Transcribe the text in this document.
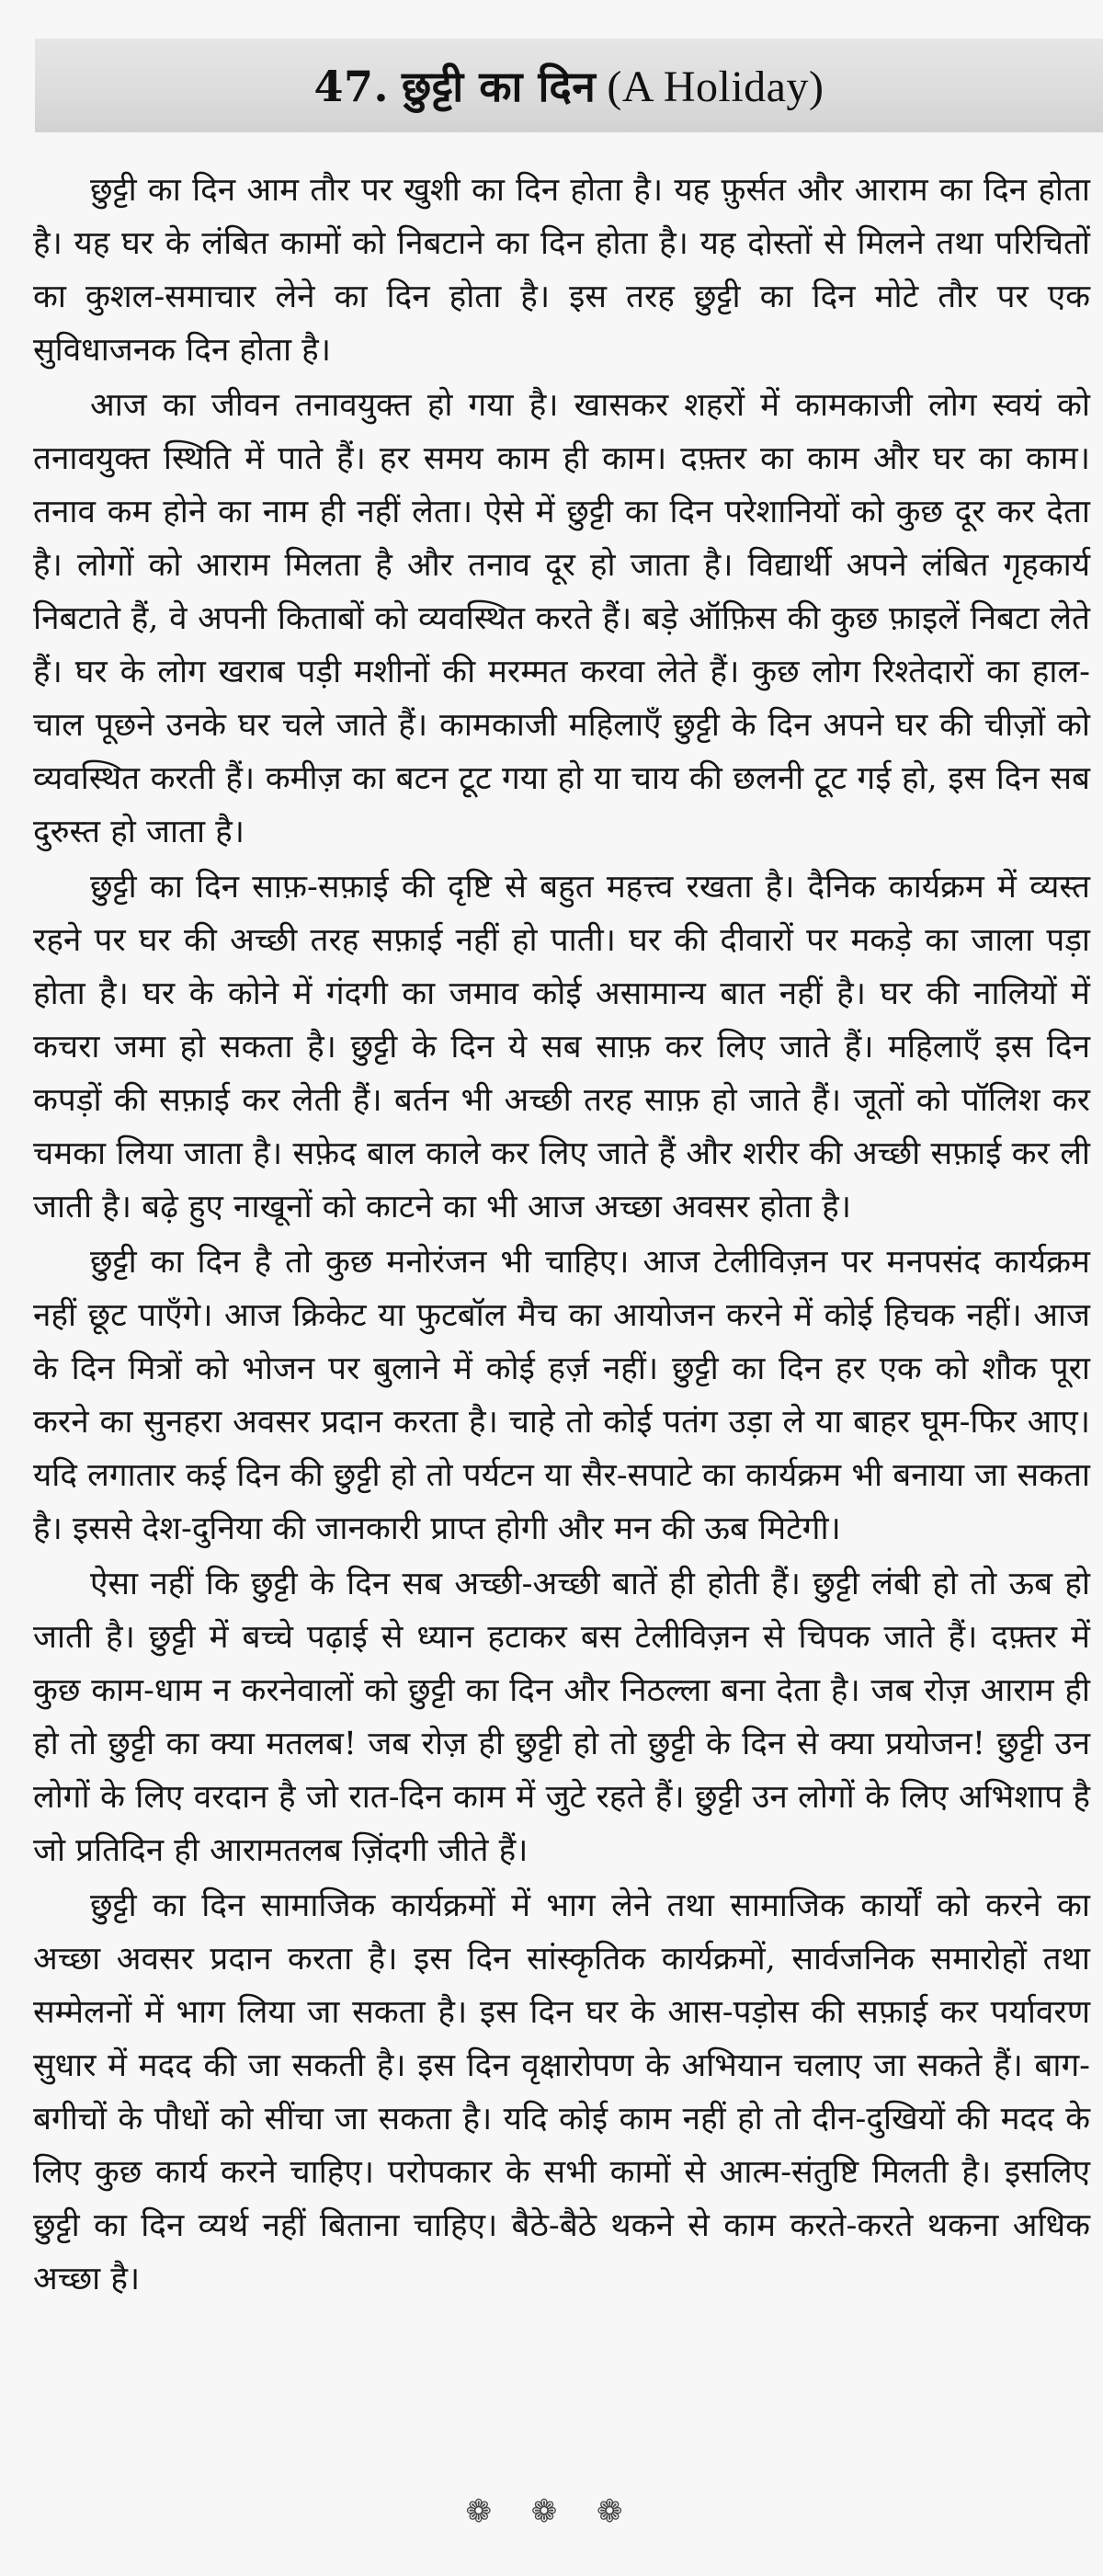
47. छुट्टी का दिन (A Holiday)

छुट्टी का दिन आम तौर पर खुशी का दिन होता है। यह फ़ुर्सत और आराम का दिन होता है। यह घर के लंबित कामों को निबटाने का दिन होता है। यह दोस्तों से मिलने तथा परिचितों का कुशल-समाचार लेने का दिन होता है। इस तरह छुट्टी का दिन मोटे तौर पर एक सुविधाजनक दिन होता है।

आज का जीवन तनावयुक्त हो गया है। खासकर शहरों में कामकाजी लोग स्वयं को तनावयुक्त स्थिति में पाते हैं। हर समय काम ही काम। दफ़्तर का काम और घर का काम। तनाव कम होने का नाम ही नहीं लेता। ऐसे में छुट्टी का दिन परेशानियों को कुछ दूर कर देता है। लोगों को आराम मिलता है और तनाव दूर हो जाता है। विद्यार्थी अपने लंबित गृहकार्य निबटाते हैं, वे अपनी किताबों को व्यवस्थित करते हैं। बड़े ऑफ़िस की कुछ फ़ाइलें निबटा लेते हैं। घर के लोग खराब पड़ी मशीनों की मरम्मत करवा लेते हैं। कुछ लोग रिश्तेदारों का हाल-चाल पूछने उनके घर चले जाते हैं। कामकाजी महिलाएँ छुट्टी के दिन अपने घर की चीज़ों को व्यवस्थित करती हैं। कमीज़ का बटन टूट गया हो या चाय की छलनी टूट गई हो, इस दिन सब दुरुस्त हो जाता है।

छुट्टी का दिन साफ़-सफ़ाई की दृष्टि से बहुत महत्त्व रखता है। दैनिक कार्यक्रम में व्यस्त रहने पर घर की अच्छी तरह सफ़ाई नहीं हो पाती। घर की दीवारों पर मकड़े का जाला पड़ा होता है। घर के कोने में गंदगी का जमाव कोई असामान्य बात नहीं है। घर की नालियों में कचरा जमा हो सकता है। छुट्टी के दिन ये सब साफ़ कर लिए जाते हैं। महिलाएँ इस दिन कपड़ों की सफ़ाई कर लेती हैं। बर्तन भी अच्छी तरह साफ़ हो जाते हैं। जूतों को पॉलिश कर चमका लिया जाता है। सफ़ेद बाल काले कर लिए जाते हैं और शरीर की अच्छी सफ़ाई कर ली जाती है। बढ़े हुए नाखूनों को काटने का भी आज अच्छा अवसर होता है।

छुट्टी का दिन है तो कुछ मनोरंजन भी चाहिए। आज टेलीविज़न पर मनपसंद कार्यक्रम नहीं छूट पाएँगे। आज क्रिकेट या फुटबॉल मैच का आयोजन करने में कोई हिचक नहीं। आज के दिन मित्रों को भोजन पर बुलाने में कोई हर्ज़ नहीं। छुट्टी का दिन हर एक को शौक पूरा करने का सुनहरा अवसर प्रदान करता है। चाहे तो कोई पतंग उड़ा ले या बाहर घूम-फिर आए। यदि लगातार कई दिन की छुट्टी हो तो पर्यटन या सैर-सपाटे का कार्यक्रम भी बनाया जा सकता है। इससे देश-दुनिया की जानकारी प्राप्त होगी और मन की ऊब मिटेगी।

ऐसा नहीं कि छुट्टी के दिन सब अच्छी-अच्छी बातें ही होती हैं। छुट्टी लंबी हो तो ऊब हो जाती है। छुट्टी में बच्चे पढ़ाई से ध्यान हटाकर बस टेलीविज़न से चिपक जाते हैं। दफ़्तर में कुछ काम-धाम न करनेवालों को छुट्टी का दिन और निठल्ला बना देता है। जब रोज़ आराम ही हो तो छुट्टी का क्या मतलब! जब रोज़ ही छुट्टी हो तो छुट्टी के दिन से क्या प्रयोजन! छुट्टी उन लोगों के लिए वरदान है जो रात-दिन काम में जुटे रहते हैं। छुट्टी उन लोगों के लिए अभिशाप है जो प्रतिदिन ही आरामतलब ज़िंदगी जीते हैं।

छुट्टी का दिन सामाजिक कार्यक्रमों में भाग लेने तथा सामाजिक कार्यों को करने का अच्छा अवसर प्रदान करता है। इस दिन सांस्कृतिक कार्यक्रमों, सार्वजनिक समारोहों तथा सम्मेलनों में भाग लिया जा सकता है। इस दिन घर के आस-पड़ोस की सफ़ाई कर पर्यावरण सुधार में मदद की जा सकती है। इस दिन वृक्षारोपण के अभियान चलाए जा सकते हैं। बाग-बगीचों के पौधों को सींचा जा सकता है। यदि कोई काम नहीं हो तो दीन-दुखियों की मदद के लिए कुछ कार्य करने चाहिए। परोपकार के सभी कामों से आत्म-संतुष्टि मिलती है। इसलिए छुट्टी का दिन व्यर्थ नहीं बिताना चाहिए। बैठे-बैठे थकने से काम करते-करते थकना अधिक अच्छा है।

❁ ❁ ❁
